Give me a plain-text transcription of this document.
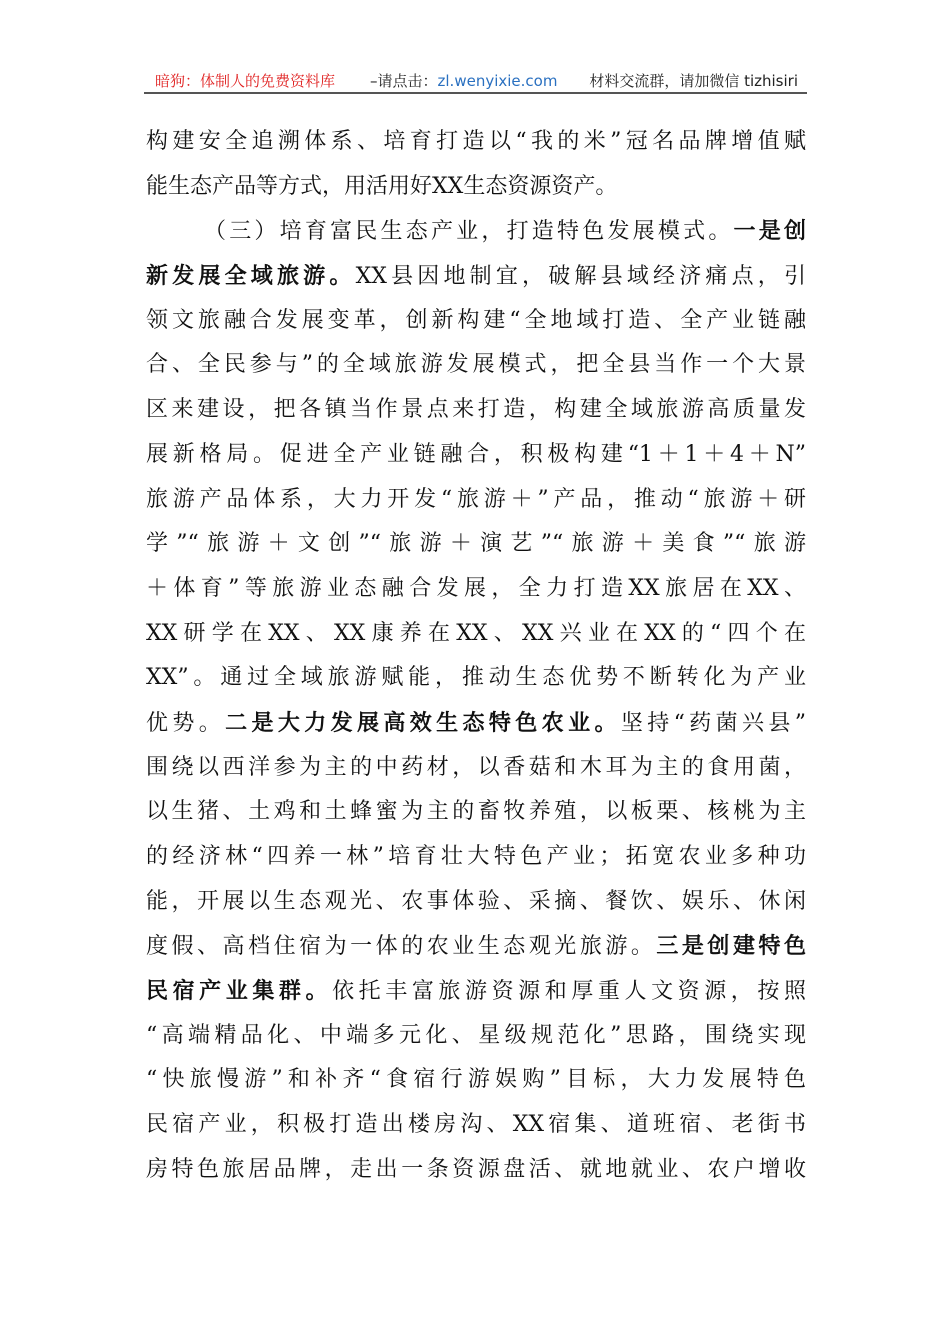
暗狗：体制人的免费资料库 –请点击：zl.wenyixie.com 材料交流群，请加微信 tizhisiri
构建安全追溯体系、培育打造以“我的米”冠名品牌增值赋
能生态产品等方式，用活用好XX生态资源资产。
（三）培育富民生态产业，打造特色发展模式。一是创
新发展全域旅游。XX县因地制宜，破解县域经济痛点，引
领文旅融合发展变革，创新构建“全地域打造、全产业链融
合、全民参与”的全域旅游发展模式，把全县当作一个大景
区来建设，把各镇当作景点来打造，构建全域旅游高质量发
展新格局。促进全产业链融合，积极构建“1＋1＋4＋N”
旅游产品体系，大力开发“旅游＋”产品，推动“旅游＋研
学”“旅游＋文创”“旅游＋演艺”“旅游＋美食”“旅游
＋体育”等旅游业态融合发展，全力打造XX旅居在XX、
XX研学在XX、XX康养在XX、XX兴业在XX的“四个在
XX”。通过全域旅游赋能，推动生态优势不断转化为产业
优势。二是大力发展高效生态特色农业。坚持“药菌兴县”
围绕以西洋参为主的中药材，以香菇和木耳为主的食用菌，
以生猪、土鸡和土蜂蜜为主的畜牧养殖，以板栗、核桃为主
的经济林“四养一林”培育壮大特色产业；拓宽农业多种功
能，开展以生态观光、农事体验、采摘、餐饮、娱乐、休闲
度假、高档住宿为一体的农业生态观光旅游。三是创建特色
民宿产业集群。依托丰富旅游资源和厚重人文资源，按照
“高端精品化、中端多元化、星级规范化”思路，围绕实现
“快旅慢游”和补齐“食宿行游娱购”目标，大力发展特色
民宿产业，积极打造出楼房沟、XX宿集、道班宿、老街书
房特色旅居品牌，走出一条资源盘活、就地就业、农户增收
